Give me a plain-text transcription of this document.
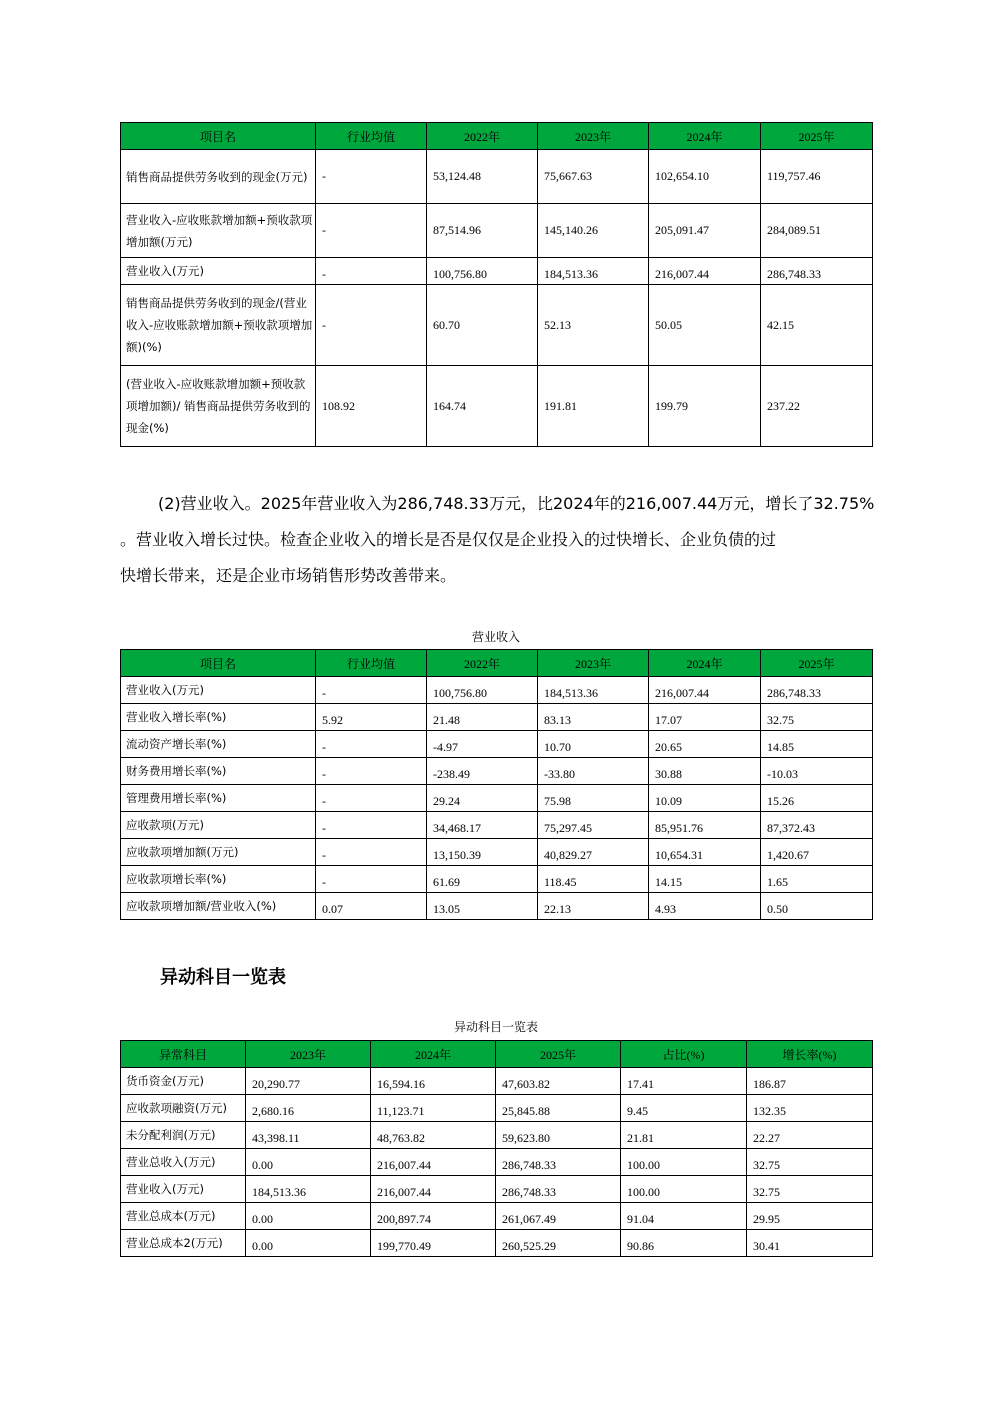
项目名	行业均值	2022年	2023年	2024年	2025年
销售商品提供劳务收到的现金(万元)	-	53,124.48	75,667.63	102,654.10	119,757.46
营业收入-应收账款增加额+预收款项增加额(万元)	-	87,514.96	145,140.26	205,091.47	284,089.51
营业收入(万元)	-	100,756.80	184,513.36	216,007.44	286,748.33
销售商品提供劳务收到的现金/(营业收入-应收账款增加额+预收款项增加额)(%)	-	60.70	52.13	50.05	42.15
(营业收入-应收账款增加额+预收款项增加额)/ 销售商品提供劳务收到的现金(%)	108.92	164.74	191.81	199.79	237.22
(2)营业收入。2025年营业收入为286,748.33万元，比2024年的216,007.44万元，增长了32.75%
。营业收入增长过快。检查企业收入的增长是否是仅仅是企业投入的过快增长、企业负债的过
快增长带来，还是企业市场销售形势改善带来。
营业收入
项目名	行业均值	2022年	2023年	2024年	2025年
营业收入(万元)	-	100,756.80	184,513.36	216,007.44	286,748.33
营业收入增长率(%)	5.92	21.48	83.13	17.07	32.75
流动资产增长率(%)	-	-4.97	10.70	20.65	14.85
财务费用增长率(%)	-	-238.49	-33.80	30.88	-10.03
管理费用增长率(%)	-	29.24	75.98	10.09	15.26
应收款项(万元)	-	34,468.17	75,297.45	85,951.76	87,372.43
应收款项增加额(万元)	-	13,150.39	40,829.27	10,654.31	1,420.67
应收款项增长率(%)	-	61.69	118.45	14.15	1.65
应收款项增加额/营业收入(%)	0.07	13.05	22.13	4.93	0.50
异动科目一览表
异动科目一览表
异常科目	2023年	2024年	2025年	占比(%)	增长率(%)
货币资金(万元)	20,290.77	16,594.16	47,603.82	17.41	186.87
应收款项融资(万元)	2,680.16	11,123.71	25,845.88	9.45	132.35
未分配利润(万元)	43,398.11	48,763.82	59,623.80	21.81	22.27
营业总收入(万元)	0.00	216,007.44	286,748.33	100.00	32.75
营业收入(万元)	184,513.36	216,007.44	286,748.33	100.00	32.75
营业总成本(万元)	0.00	200,897.74	261,067.49	91.04	29.95
营业总成本2(万元)	0.00	199,770.49	260,525.29	90.86	30.41
